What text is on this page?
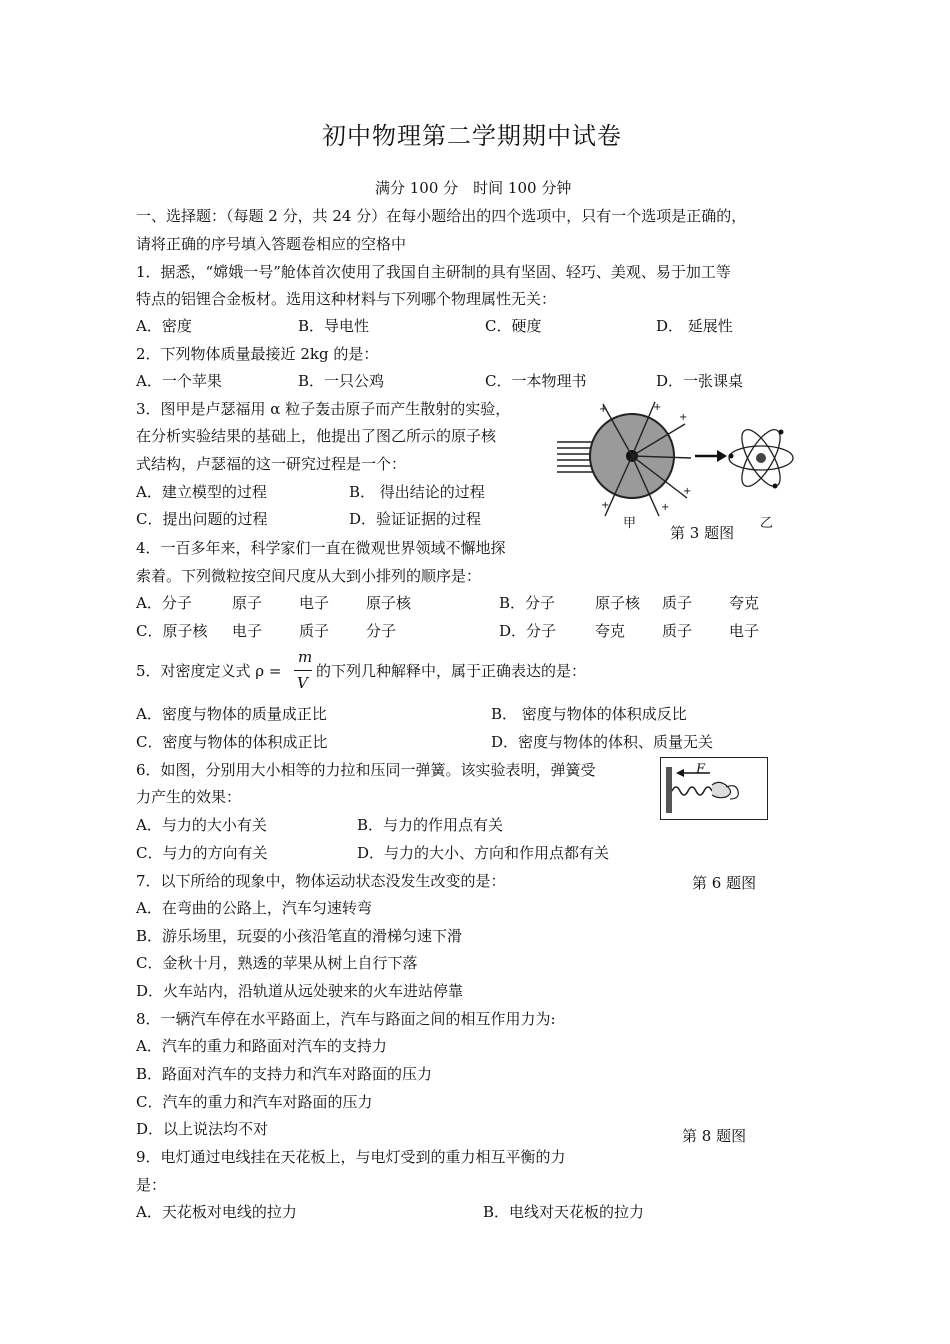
初中物理第二学期期中试卷
满分 100 分　时间 100 分钟
一、选择题：（每题 2 分，共 24 分）在每小题给出的四个选项中，只有一个选项是正确的，
请将正确的序号填入答题卷相应的空格中
1．据悉，“嫦娥一号”舱体首次使用了我国自主研制的具有坚固、轻巧、美观、易于加工等
特点的铝锂合金板材。选用这种材料与下列哪个物理属性无关：
A．密度	B．导电性	C．硬度	D． 延展性
2．下列物体质量最接近 2kg 的是：
A．一个苹果	B．一只公鸡	C．一本物理书	D．一张课桌
3．图甲是卢瑟福用 α 粒子轰击原子而产生散射的实验，
在分析实验结果的基础上，他提出了图乙所示的原子核
式结构，卢瑟福的这一研究过程是一个：
A．建立模型的过程	B． 得出结论的过程
C．提出问题的过程	D．验证证据的过程
+	+
+
+
+
+
甲	乙
第 3 题图
4．一百多年来，科学家们一直在微观世界领域不懈地探
索着。下列微粒按空间尺度从大到小排列的顺序是：
A．分子	原子 电子 原子核	B．分子	原子核 质子 夸克
C．原子核 电子 质子 分子	D．分子	夸克 质子 电子
5．对密度定义式 ρ =
m
V
的下列几种解释中，属于正确表达的是：
A．密度与物体的质量成正比	B． 密度与物体的体积成反比
C．密度与物体的体积成正比	D．密度与物体的体积、质量无关
6．如图，分别用大小相等的力拉和压同一弹簧。该实验表明，弹簧受
力产生的效果：
A．与力的大小有关	B．与力的作用点有关
C．与力的方向有关	D．与力的大小、方向和作用点都有关
F
第 6 题图
7．以下所给的现象中，物体运动状态没发生改变的是：
A．在弯曲的公路上，汽车匀速转弯
B．游乐场里，玩耍的小孩沿笔直的滑梯匀速下滑
C．金秋十月，熟透的苹果从树上自行下落
D．火车站内，沿轨道从远处驶来的火车进站停靠
8．一辆汽车停在水平路面上，汽车与路面之间的相互作用力为:
A．汽车的重力和路面对汽车的支持力
B．路面对汽车的支持力和汽车对路面的压力
C．汽车的重力和汽车对路面的压力
D．以上说法均不对	第 8 题图
9．电灯通过电线挂在天花板上，与电灯受到的重力相互平衡的力
是：
A．天花板对电线的拉力	B．电线对天花板的拉力
